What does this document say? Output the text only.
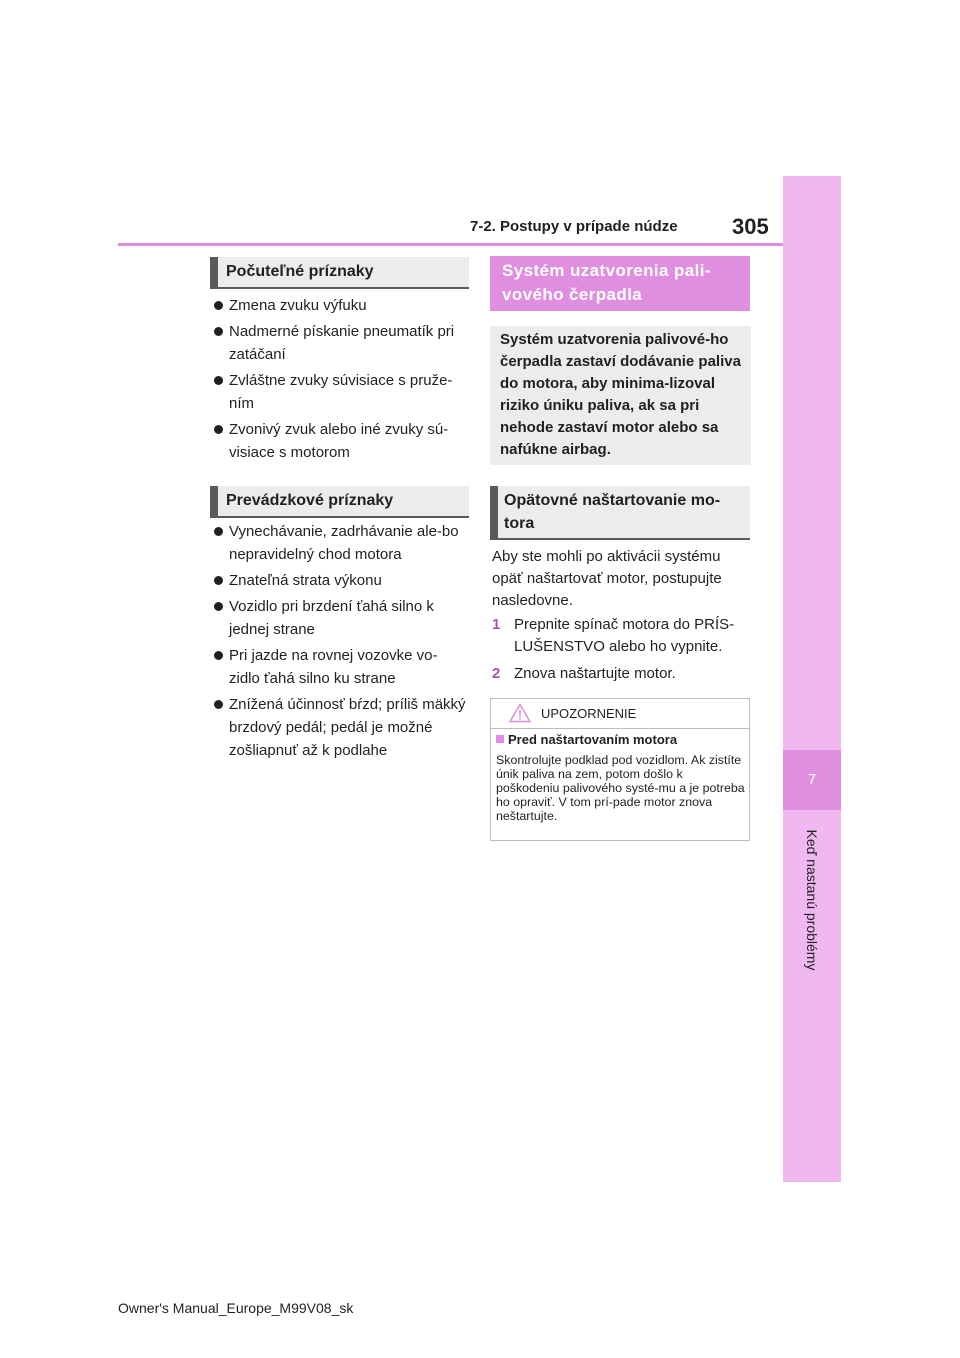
7
Keď nastanú problémy
7-2. Postupy v prípade núdze 305
Počuteľné príznaky
Zmena zvuku výfuku
Nadmerné pískanie pneumatík pri zatáčaní
Zvláštne zvuky súvisiace s pruže-ním
Zvonivý zvuk alebo iné zvuky sú-visiace s motorom
Prevádzkové príznaky
Vynechávanie, zadrhávanie ale-bo nepravidelný chod motora
Znateľná strata výkonu
Vozidlo pri brzdení ťahá silno k jednej strane
Pri jazde na rovnej vozovke vo-zidlo ťahá silno ku strane
Znížená účinnosť bŕzd; príliš mäkký brzdový pedál; pedál je možné zošliapnuť až k podlahe
Systém uzatvorenia pali-vového čerpadla
Systém uzatvorenia palivové-ho čerpadla zastaví dodávanie paliva do motora, aby minima-lizoval riziko úniku paliva, ak sa pri nehode zastaví motor alebo sa nafúkne airbag.
Opätovné naštartovanie mo-tora
Aby ste mohli po aktivácii systému opäť naštartovať motor, postupujte nasledovne.
1 Prepnite spínač motora do PRÍS-LUŠENSTVO alebo ho vypnite.
2 Znova naštartujte motor.
UPOZORNENIE
Pred naštartovaním motora
Skontrolujte podklad pod vozidlom. Ak zistíte únik paliva na zem, potom došlo k poškodeniu palivového systé-mu a je potreba ho opraviť. V tom prí-pade motor znova neštartujte.
Owner's Manual_Europe_M99V08_sk
